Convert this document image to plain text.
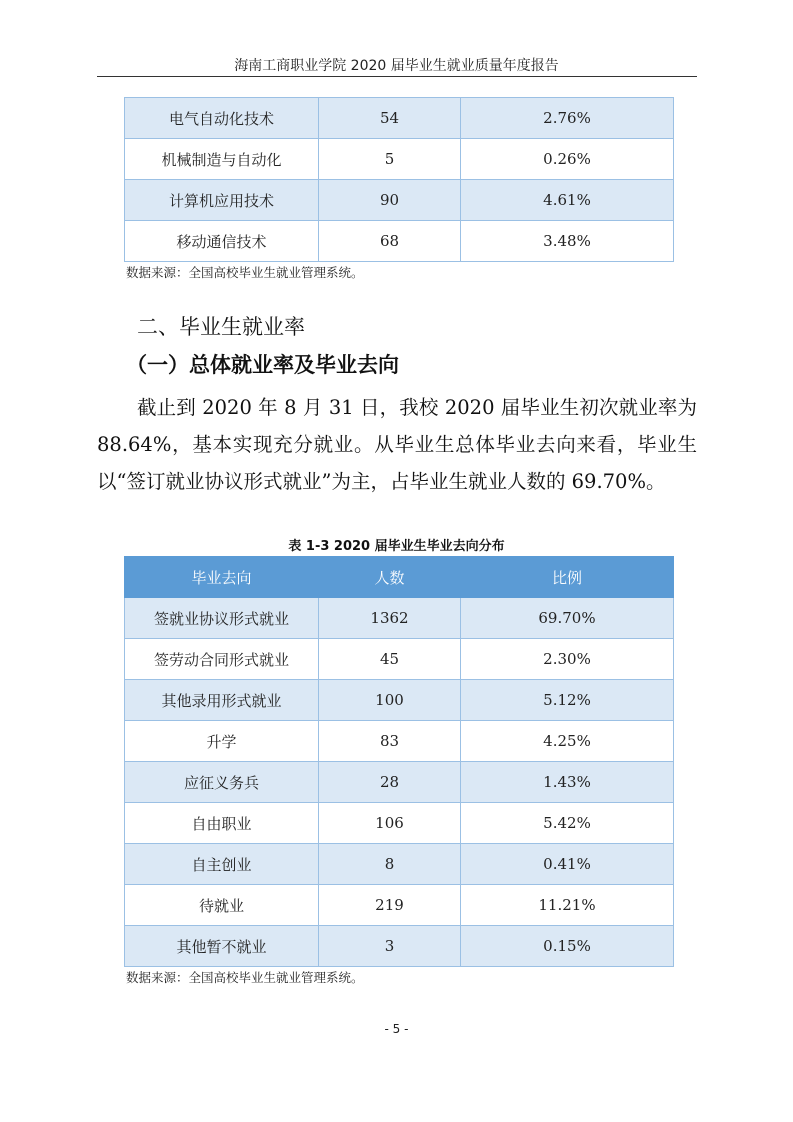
海南工商职业学院 2020 届毕业生就业质量年度报告
电气自动化技术	54	2.76%
机械制造与自动化	5	0.26%
计算机应用技术	90	4.61%
移动通信技术	68	3.48%
数据来源：全国高校毕业生就业管理系统。
二、毕业生就业率
（一）总体就业率及毕业去向
截止到 2020 年 8 月 31 日，我校 2020 届毕业生初次就业率为 88.64%，基本实现充分就业。从毕业生总体毕业去向来看，毕业生以“签订就业协议形式就业”为主，占毕业生就业人数的 69.70%。
表 1-3 2020 届毕业生毕业去向分布
毕业去向	人数	比例
签就业协议形式就业	1362	69.70%
签劳动合同形式就业	45	2.30%
其他录用形式就业	100	5.12%
升学	83	4.25%
应征义务兵	28	1.43%
自由职业	106	5.42%
自主创业	8	0.41%
待就业	219	11.21%
其他暂不就业	3	0.15%
数据来源：全国高校毕业生就业管理系统。
- 5 -
